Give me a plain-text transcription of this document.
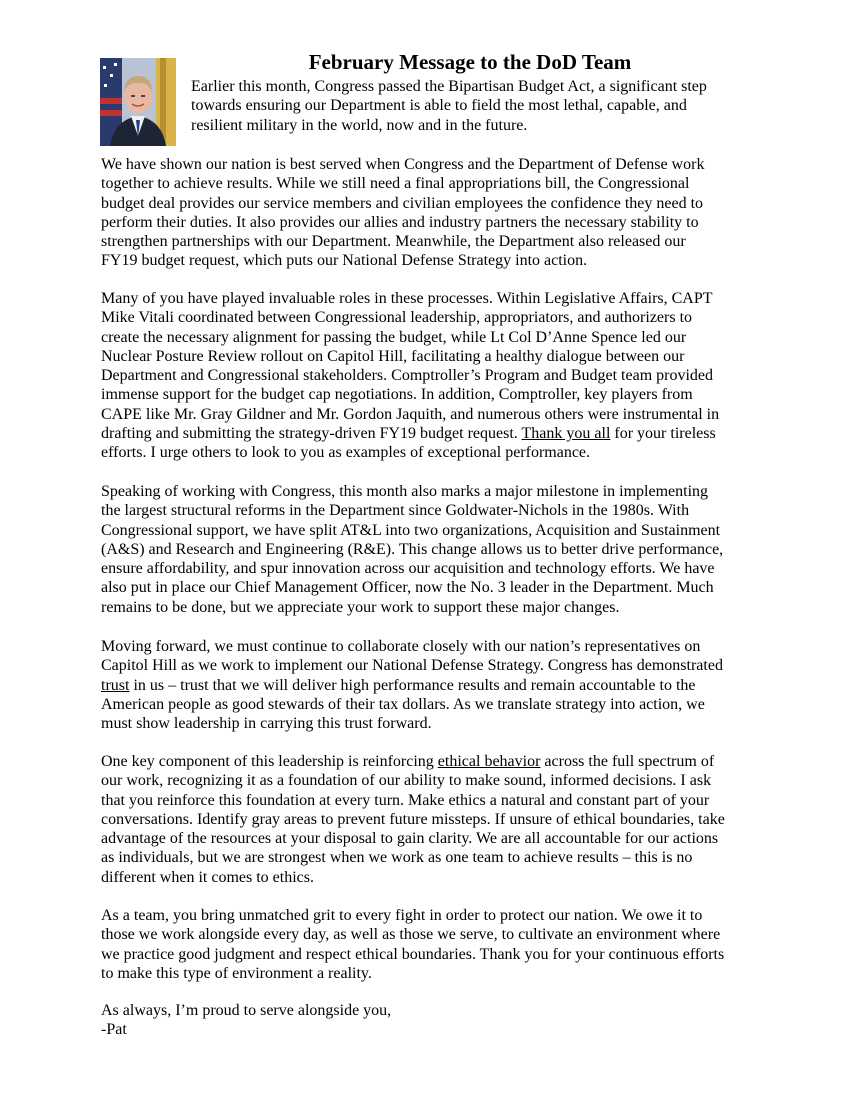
February Message to the DoD Team
Earlier this month, Congress passed the Bipartisan Budget Act, a significant step
towards ensuring our Department is able to field the most lethal, capable, and
resilient military in the world, now and in the future.
We have shown our nation is best served when Congress and the Department of Defense work
together to achieve results. While we still need a final appropriations bill, the Congressional
budget deal provides our service members and civilian employees the confidence they need to
perform their duties. It also provides our allies and industry partners the necessary stability to
strengthen partnerships with our Department. Meanwhile, the Department also released our
FY19 budget request, which puts our National Defense Strategy into action.
Many of you have played invaluable roles in these processes. Within Legislative Affairs, CAPT
Mike Vitali coordinated between Congressional leadership, appropriators, and authorizers to
create the necessary alignment for passing the budget, while Lt Col D’Anne Spence led our
Nuclear Posture Review rollout on Capitol Hill, facilitating a healthy dialogue between our
Department and Congressional stakeholders. Comptroller’s Program and Budget team provided
immense support for the budget cap negotiations. In addition, Comptroller, key players from
CAPE like Mr. Gray Gildner and Mr. Gordon Jaquith, and numerous others were instrumental in
drafting and submitting the strategy-driven FY19 budget request. Thank you all for your tireless
efforts. I urge others to look to you as examples of exceptional performance.
Speaking of working with Congress, this month also marks a major milestone in implementing
the largest structural reforms in the Department since Goldwater-Nichols in the 1980s. With
Congressional support, we have split AT&L into two organizations, Acquisition and Sustainment
(A&S) and Research and Engineering (R&E). This change allows us to better drive performance,
ensure affordability, and spur innovation across our acquisition and technology efforts. We have
also put in place our Chief Management Officer, now the No. 3 leader in the Department. Much
remains to be done, but we appreciate your work to support these major changes.
Moving forward, we must continue to collaborate closely with our nation’s representatives on
Capitol Hill as we work to implement our National Defense Strategy. Congress has demonstrated
trust in us – trust that we will deliver high performance results and remain accountable to the
American people as good stewards of their tax dollars. As we translate strategy into action, we
must show leadership in carrying this trust forward.
One key component of this leadership is reinforcing ethical behavior across the full spectrum of
our work, recognizing it as a foundation of our ability to make sound, informed decisions. I ask
that you reinforce this foundation at every turn. Make ethics a natural and constant part of your
conversations. Identify gray areas to prevent future missteps. If unsure of ethical boundaries, take
advantage of the resources at your disposal to gain clarity. We are all accountable for our actions
as individuals, but we are strongest when we work as one team to achieve results – this is no
different when it comes to ethics.
As a team, you bring unmatched grit to every fight in order to protect our nation. We owe it to
those we work alongside every day, as well as those we serve, to cultivate an environment where
we practice good judgment and respect ethical boundaries. Thank you for your continuous efforts
to make this type of environment a reality.
As always, I’m proud to serve alongside you,
-Pat
